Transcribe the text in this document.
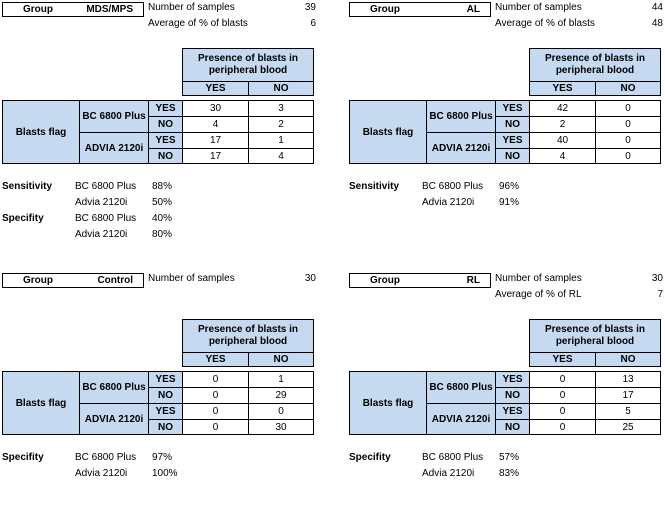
Group	MDS/MPS Number of samples	39
Average of % of blasts	6
Presence of blasts in peripheral blood
YES	NO
Blasts flag
BC 6800 Plus
ADVIA 2120i
YES	30	3
NO	4	2
YES	17	1
NO	17	4
Sensitivity BC 6800 Plus 88%
Advia 2120i 50%
Specifity	BC 6800 Plus 40%
Advia 2120i 80%
Group	AL Number of samples	44
Average of % of blasts	48
Presence of blasts in peripheral blood
YES	NO
Blasts flag
BC 6800 Plus
ADVIA 2120i
YES	42	0
NO	2	0
YES	40	0
NO	4	0
Sensitivity BC 6800 Plus 96%
Advia 2120i 91%
Group	Control Number of samples	30
Presence of blasts in peripheral blood
YES	NO
Blasts flag
BC 6800 Plus
ADVIA 2120i
YES	0	1
NO	0	29
YES	0	0
NO	0	30
Specifity	BC 6800 Plus 97%
Advia 2120i 100%
Group	RL Number of samples	30
Average of % of RL	7
Presence of blasts in peripheral blood
YES	NO
Blasts flag
BC 6800 Plus
ADVIA 2120i
YES	0	13
NO	0	17
YES	0	5
NO	0	25
Specifity	BC 6800 Plus 57%
Advia 2120i 83%
